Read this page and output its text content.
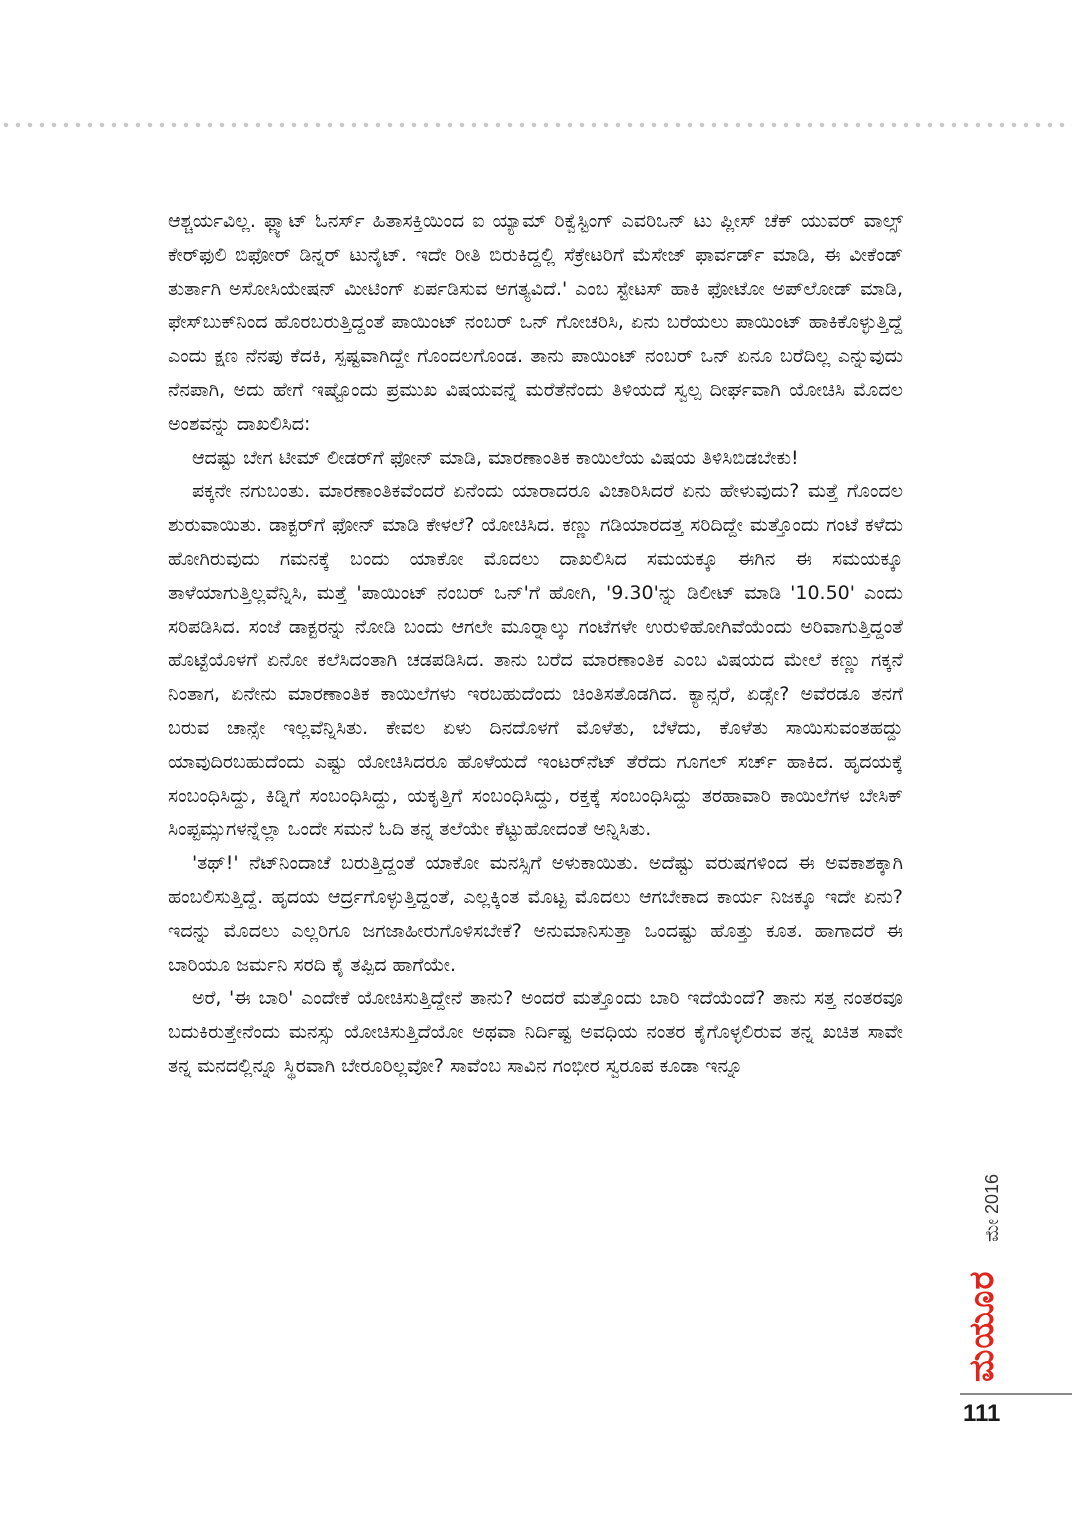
ಆಶ್ಚರ್ಯವಿಲ್ಲ. ಫ್ಲ್ಯಾಟ್ ಓನರ್ಸ್ ಹಿತಾಸಕ್ತಿಯಿಂದ ಐ ಯ್ಯಾಮ್ ರಿಕ್ವೆಸ್ಟಿಂಗ್ ಎವರಿಒನ್ ಟು ಪ್ಲೀಸ್ ಚೆಕ್ ಯುವರ್ ವಾಲ್ಸ್ ಕೇರ್‌ಫುಲಿ ಬಿಫೋರ್ ಡಿನ್ನರ್ ಟುನೈಟ್. ಇದೇ ರೀತಿ ಬಿರುಕಿದ್ದಲ್ಲಿ ಸೆಕ್ರೇಟರಿಗೆ ಮೆಸೇಜ್ ಫಾರ್ವರ್ಡ್ ಮಾಡಿ, ಈ ವೀಕೆಂಡ್ ತುರ್ತಾಗಿ ಅಸೋಸಿಯೇಷನ್ ಮೀಟಿಂಗ್ ಏರ್ಪಡಿಸುವ ಅಗತ್ಯವಿದೆ.' ಎಂಬ ಸ್ಟೇಟಸ್ ಹಾಕಿ ಫೋಟೋ ಅಪ್‌ಲೋಡ್ ಮಾಡಿ, ಫೇಸ್‌ಬುಕ್‌ನಿಂದ ಹೊರಬರುತ್ತಿದ್ದಂತೆ ಪಾಯಿಂಟ್ ನಂಬರ್ ಒನ್ ಗೋಚರಿಸಿ, ಏನು ಬರೆಯಲು ಪಾಯಿಂಟ್ ಹಾಕಿಕೊಳ್ಳುತ್ತಿದ್ದೆ ಎಂದು ಕ್ಷಣ ನೆನಪು ಕೆದಕಿ, ಸ್ಪಷ್ಟವಾಗಿದ್ದೇ ಗೊಂದಲಗೊಂಡ. ತಾನು ಪಾಯಿಂಟ್ ನಂಬರ್ ಒನ್ ಏನೂ ಬರೆದಿಲ್ಲ ಎನ್ನುವುದು ನೆನಪಾಗಿ, ಅದು ಹೇಗೆ ಇಷ್ಟೊಂದು ಪ್ರಮುಖ ವಿಷಯವನ್ನೆ ಮರೆತೆನೆಂದು ತಿಳಿಯದೆ ಸ್ವಲ್ಪ ದೀರ್ಘವಾಗಿ ಯೋಚಿಸಿ ಮೊದಲ ಅಂಶವನ್ನು ದಾಖಲಿಸಿದ:

ಆದಷ್ಟು ಬೇಗ ಟೀಮ್ ಲೀಡರ್‌ಗೆ ಫೋನ್ ಮಾಡಿ, ಮಾರಣಾಂತಿಕ ಕಾಯಿಲೆಯ ವಿಷಯ ತಿಳಿಸಿಬಿಡಬೇಕು!

ಪಕ್ಕನೇ ನಗುಬಂತು. ಮಾರಣಾಂತಿಕವೆಂದರೆ ಏನೆಂದು ಯಾರಾದರೂ ವಿಚಾರಿಸಿದರೆ ಏನು ಹೇಳುವುದು? ಮತ್ತೆ ಗೊಂದಲ ಶುರುವಾಯಿತು. ಡಾಕ್ಟರ್‌ಗೆ ಫೋನ್ ಮಾಡಿ ಕೇಳಲೆ? ಯೋಚಿಸಿದ. ಕಣ್ಣು ಗಡಿಯಾರದತ್ತ ಸರಿದಿದ್ದೇ ಮತ್ತೊಂದು ಗಂಟೆ ಕಳೆದು ಹೋಗಿರುವುದು ಗಮನಕ್ಕೆ ಬಂದು ಯಾಕೋ ಮೊದಲು ದಾಖಲಿಸಿದ ಸಮಯಕ್ಕೂ ಈಗಿನ ಈ ಸಮಯಕ್ಕೂ ತಾಳೆಯಾಗುತ್ತಿಲ್ಲವೆನ್ನಿಸಿ, ಮತ್ತೆ 'ಪಾಯಿಂಟ್ ನಂಬರ್ ಒನ್'ಗೆ ಹೋಗಿ, '9.30'ನ್ನು ಡಿಲೀಟ್ ಮಾಡಿ '10.50' ಎಂದು ಸರಿಪಡಿಸಿದ. ಸಂಜೆ ಡಾಕ್ಟರನ್ನು ನೋಡಿ ಬಂದು ಆಗಲೇ ಮೂರ್‍ನಾಲ್ಕು ಗಂಟೆಗಳೇ ಉರುಳಿಹೋಗಿವೆಯೆಂದು ಅರಿವಾಗುತ್ತಿದ್ದಂತೆ ಹೊಟ್ಟೆಯೊಳಗೆ ಏನೋ ಕಲೆಸಿದಂತಾಗಿ ಚಡಪಡಿಸಿದ. ತಾನು ಬರೆದ ಮಾರಣಾಂತಿಕ ಎಂಬ ವಿಷಯದ ಮೇಲೆ ಕಣ್ಣು ಗಕ್ಕನೆ ನಿಂತಾಗ, ಏನೇನು ಮಾರಣಾಂತಿಕ ಕಾಯಿಲೆಗಳು ಇರಬಹುದೆಂದು ಚಿಂತಿಸತೊಡಗಿದ. ಕ್ಯಾನ್ಸರೆ, ಏಡ್ಸೇ? ಅವೆರಡೂ ತನಗೆ ಬರುವ ಚಾನ್ಸೇ ಇಲ್ಲವೆನ್ನಿಸಿತು. ಕೇವಲ ಏಳು ದಿನದೊಳಗೆ ಮೊಳೆತು, ಬೆಳೆದು, ಕೊಳೆತು ಸಾಯಿಸುವಂತಹದ್ದು ಯಾವುದಿರಬಹುದೆಂದು ಎಷ್ಟು ಯೋಚಿಸಿದರೂ ಹೊಳೆಯದೆ ಇಂಟರ್‌ನೆಟ್ ತೆರೆದು ಗೂಗಲ್ ಸರ್ಚ್ ಹಾಕಿದ. ಹೃದಯಕ್ಕೆ ಸಂಬಂಧಿಸಿದ್ದು, ಕಿಡ್ನಿಗೆ ಸಂಬಂಧಿಸಿದ್ದು, ಯಕೃತ್ತಿಗೆ ಸಂಬಂಧಿಸಿದ್ದು, ರಕ್ತಕ್ಕೆ ಸಂಬಂಧಿಸಿದ್ದು ತರಹಾವಾರಿ ಕಾಯಿಲೆಗಳ ಬೇಸಿಕ್ ಸಿಂಪ್ಟಮ್ಸುಗಳನ್ನೆಲ್ಲಾ ಒಂದೇ ಸಮನೆ ಓದಿ ತನ್ನ ತಲೆಯೇ ಕೆಟ್ಟುಹೋದಂತೆ ಅನ್ನಿಸಿತು.

'ತಥ್!' ನೆಟ್‌ನಿಂದಾಚೆ ಬರುತ್ತಿದ್ದಂತೆ ಯಾಕೋ ಮನಸ್ಸಿಗೆ ಅಳುಕಾಯಿತು. ಅದೆಷ್ಟು ವರುಷಗಳಿಂದ ಈ ಅವಕಾಶಕ್ಕಾಗಿ ಹಂಬಲಿಸುತ್ತಿದ್ದೆ. ಹೃದಯ ಆರ್ದ್ರಗೊಳ್ಳುತ್ತಿದ್ದಂತೆ, ಎಲ್ಲಕ್ಕಿಂತ ಮೊಟ್ಟ ಮೊದಲು ಆಗಬೇಕಾದ ಕಾರ್ಯ ನಿಜಕ್ಕೂ ಇದೇ ಏನು? ಇದನ್ನು ಮೊದಲು ಎಲ್ಲರಿಗೂ ಜಗಜಾಹೀರುಗೊಳಿಸಬೇಕೆ? ಅನುಮಾನಿಸುತ್ತಾ ಒಂದಷ್ಟು ಹೊತ್ತು ಕೂತ. ಹಾಗಾದರೆ ಈ ಬಾರಿಯೂ ಜರ್ಮನಿ ಸರದಿ ಕೈ ತಪ್ಪಿದ ಹಾಗೆಯೇ.

ಅರೆ, 'ಈ ಬಾರಿ' ಎಂದೇಕೆ ಯೋಚಿಸುತ್ತಿದ್ದೇನೆ ತಾನು? ಅಂದರೆ ಮತ್ತೊಂದು ಬಾರಿ ಇದೆಯೆಂದೆ? ತಾನು ಸತ್ತ ನಂತರವೂ ಬದುಕಿರುತ್ತೇನೆಂದು ಮನಸ್ಸು ಯೋಚಿಸುತ್ತಿದೆಯೋ ಅಥವಾ ನಿರ್ದಿಷ್ಟ ಅವಧಿಯ ನಂತರ ಕೈಗೊಳ್ಳಲಿರುವ ತನ್ನ ಖಚಿತ ಸಾವೇ ತನ್ನ ಮನದಲ್ಲಿನ್ನೂ ಸ್ಥಿರವಾಗಿ ಬೇರೂರಿಲ್ಲವೋ? ಸಾವೆಂಬ ಸಾವಿನ ಗಂಭೀರ ಸ್ವರೂಪ ಕೂಡಾ ಇನ್ನೂ

ಮೇ 2016
ಮಯೂರ
111
